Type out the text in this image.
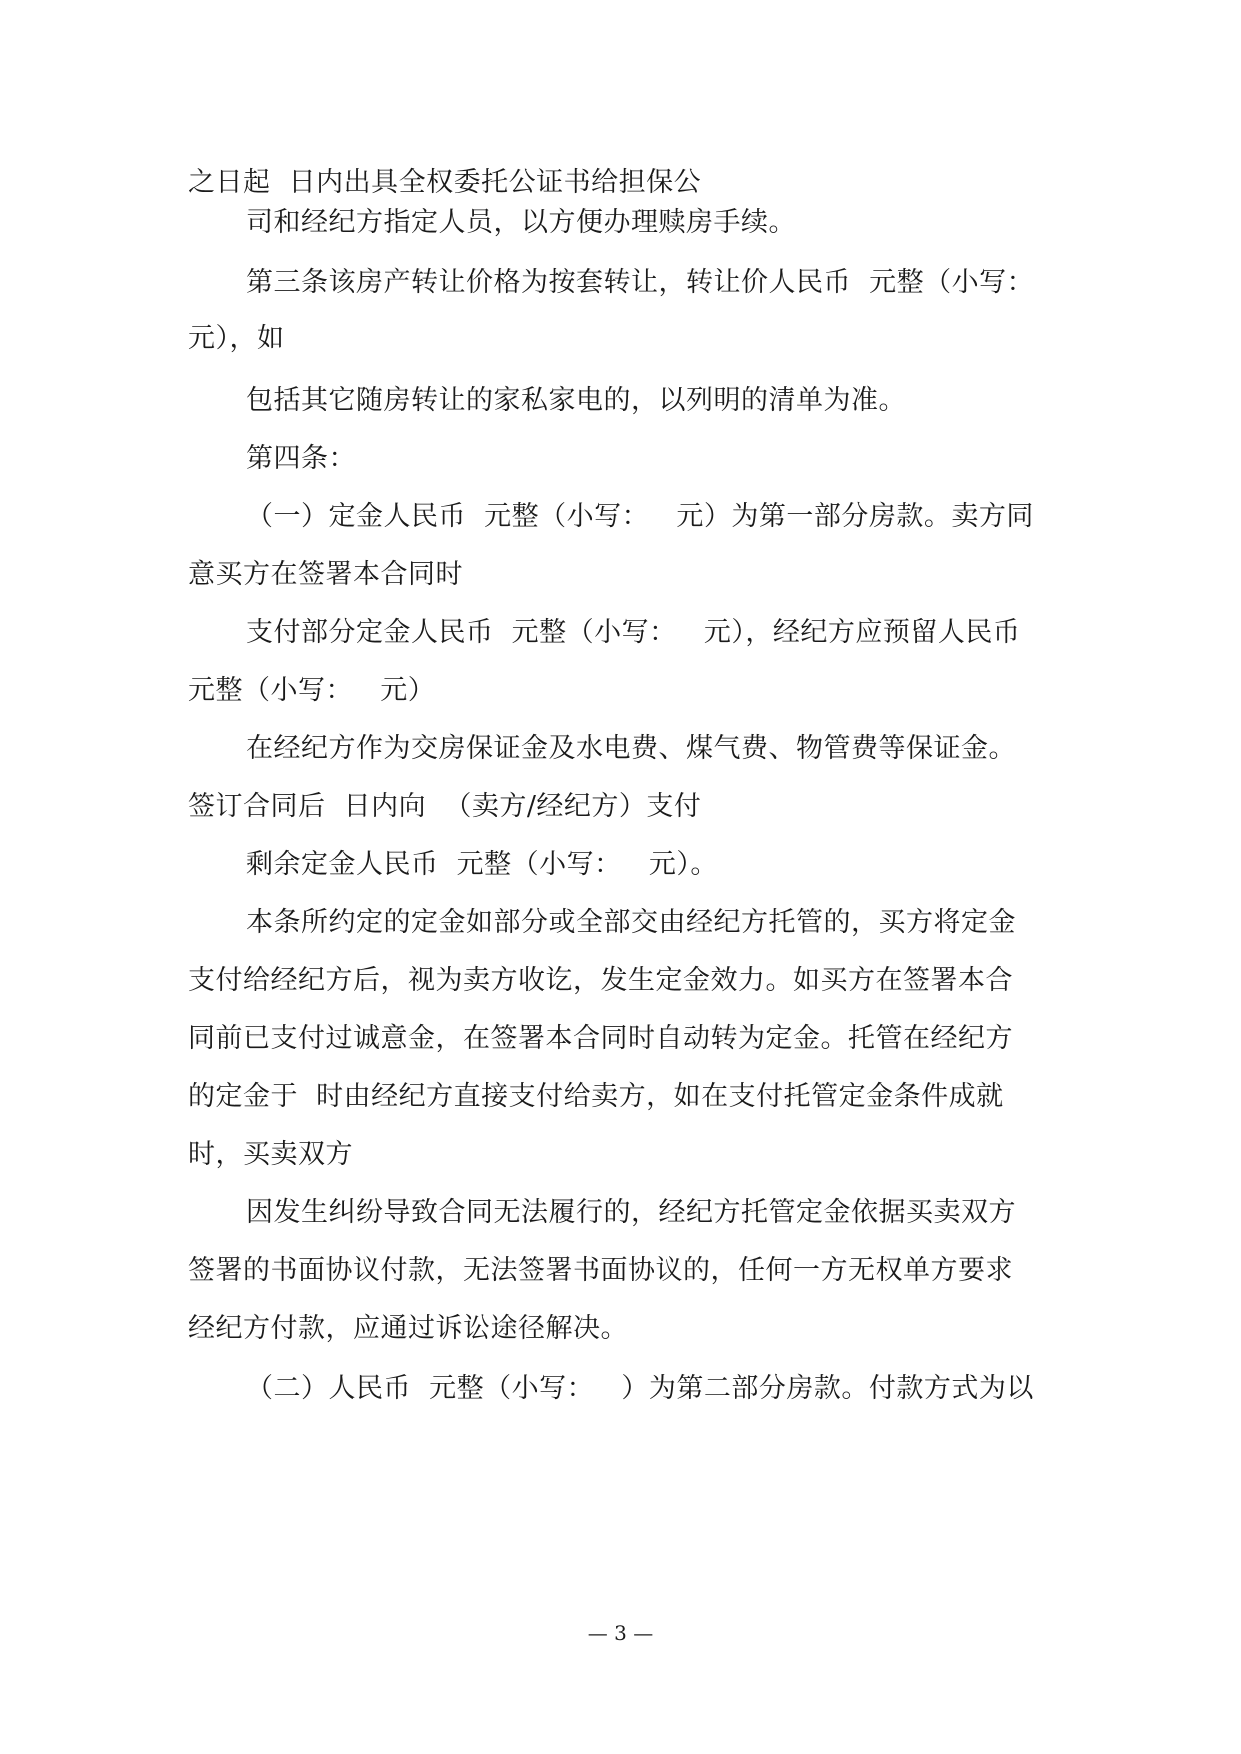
之日起  日内出具全权委托公证书给担保公
司和经纪方指定人员，以方便办理赎房手续。
第三条该房产转让价格为按套转让，转让价人民币  元整（小写：
元），如
包括其它随房转让的家私家电的，以列明的清单为准。
第四条：
（一）定金人民币  元整（小写：   元）为第一部分房款。卖方同
意买方在签署本合同时
支付部分定金人民币  元整（小写：   元），经纪方应预留人民币
元整（小写：   元）
在经纪方作为交房保证金及水电费、煤气费、物管费等保证金。
签订合同后  日内向  （卖方/经纪方）支付
剩余定金人民币  元整（小写：   元）。
本条所约定的定金如部分或全部交由经纪方托管的，买方将定金
支付给经纪方后，视为卖方收讫，发生定金效力。如买方在签署本合
同前已支付过诚意金，在签署本合同时自动转为定金。托管在经纪方
的定金于  时由经纪方直接支付给卖方，如在支付托管定金条件成就
时，买卖双方
因发生纠纷导致合同无法履行的，经纪方托管定金依据买卖双方
签署的书面协议付款，无法签署书面协议的，任何一方无权单方要求
经纪方付款，应通过诉讼途径解决。
（二）人民币  元整（小写：   ）为第二部分房款。付款方式为以
— 3 —
